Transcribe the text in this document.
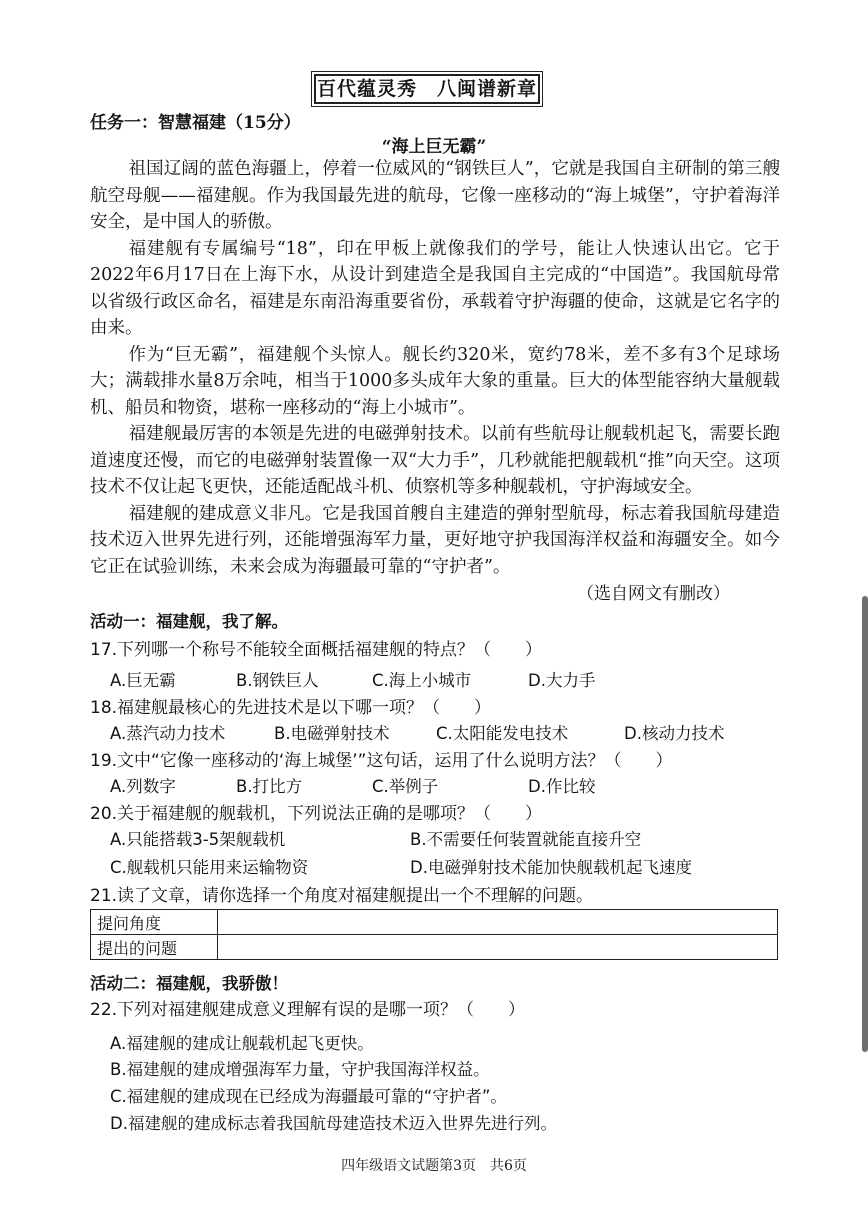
百代蕴灵秀　八闽谱新章
任务一：智慧福建（15分）
“海上巨无霸”

祖国辽阔的蓝色海疆上，停着一位威风的“钢铁巨人”，它就是我国自主研制的第三艘航空母舰——福建舰。作为我国最先进的航母，它像一座移动的“海上城堡”，守护着海洋安全，是中国人的骄傲。

福建舰有专属编号“18”，印在甲板上就像我们的学号，能让人快速认出它。它于2022年6月17日在上海下水，从设计到建造全是我国自主完成的“中国造”。我国航母常以省级行政区命名，福建是东南沿海重要省份，承载着守护海疆的使命，这就是它名字的由来。

作为“巨无霸”，福建舰个头惊人。舰长约320米，宽约78米，差不多有3个足球场大；满载排水量8万余吨，相当于1000多头成年大象的重量。巨大的体型能容纳大量舰载机、船员和物资，堪称一座移动的“海上小城市”。

福建舰最厉害的本领是先进的电磁弹射技术。以前有些航母让舰载机起飞，需要长跑道速度还慢，而它的电磁弹射装置像一双“大力手”，几秒就能把舰载机“推”向天空。这项技术不仅让起飞更快，还能适配战斗机、侦察机等多种舰载机，守护海域安全。

福建舰的建成意义非凡。它是我国首艘自主建造的弹射型航母，标志着我国航母建造技术迈入世界先进行列，还能增强海军力量，更好地守护我国海洋权益和海疆安全。如今它正在试验训练，未来会成为海疆最可靠的“守护者”。

（选自网文有删改）
活动一：福建舰，我了解。
17.下列哪一个称号不能较全面概括福建舰的特点？（　　）
A.巨无霸	B.钢铁巨人	C.海上小城市	D.大力手
18.福建舰最核心的先进技术是以下哪一项？（　　）
A.蒸汽动力技术	B.电磁弹射技术	C.太阳能发电技术	D.核动力技术
19.文中“它像一座移动的‘海上城堡’”这句话，运用了什么说明方法？（　　）
A.列数字	B.打比方	C.举例子	D.作比较
20.关于福建舰的舰载机，下列说法正确的是哪项？（　　）
A.只能搭载3-5架舰载机	B.不需要任何装置就能直接升空
C.舰载机只能用来运输物资	D.电磁弹射技术能加快舰载机起飞速度
21.读了文章，请你选择一个角度对福建舰提出一个不理解的问题。
提问角度	
提出的问题	
活动二：福建舰，我骄傲！
22.下列对福建舰建成意义理解有误的是哪一项？（　　）
A.福建舰的建成让舰载机起飞更快。
B.福建舰的建成增强海军力量，守护我国海洋权益。
C.福建舰的建成现在已经成为海疆最可靠的“守护者”。
D.福建舰的建成标志着我国航母建造技术迈入世界先进行列。
四年级语文试题第3页　共6页
